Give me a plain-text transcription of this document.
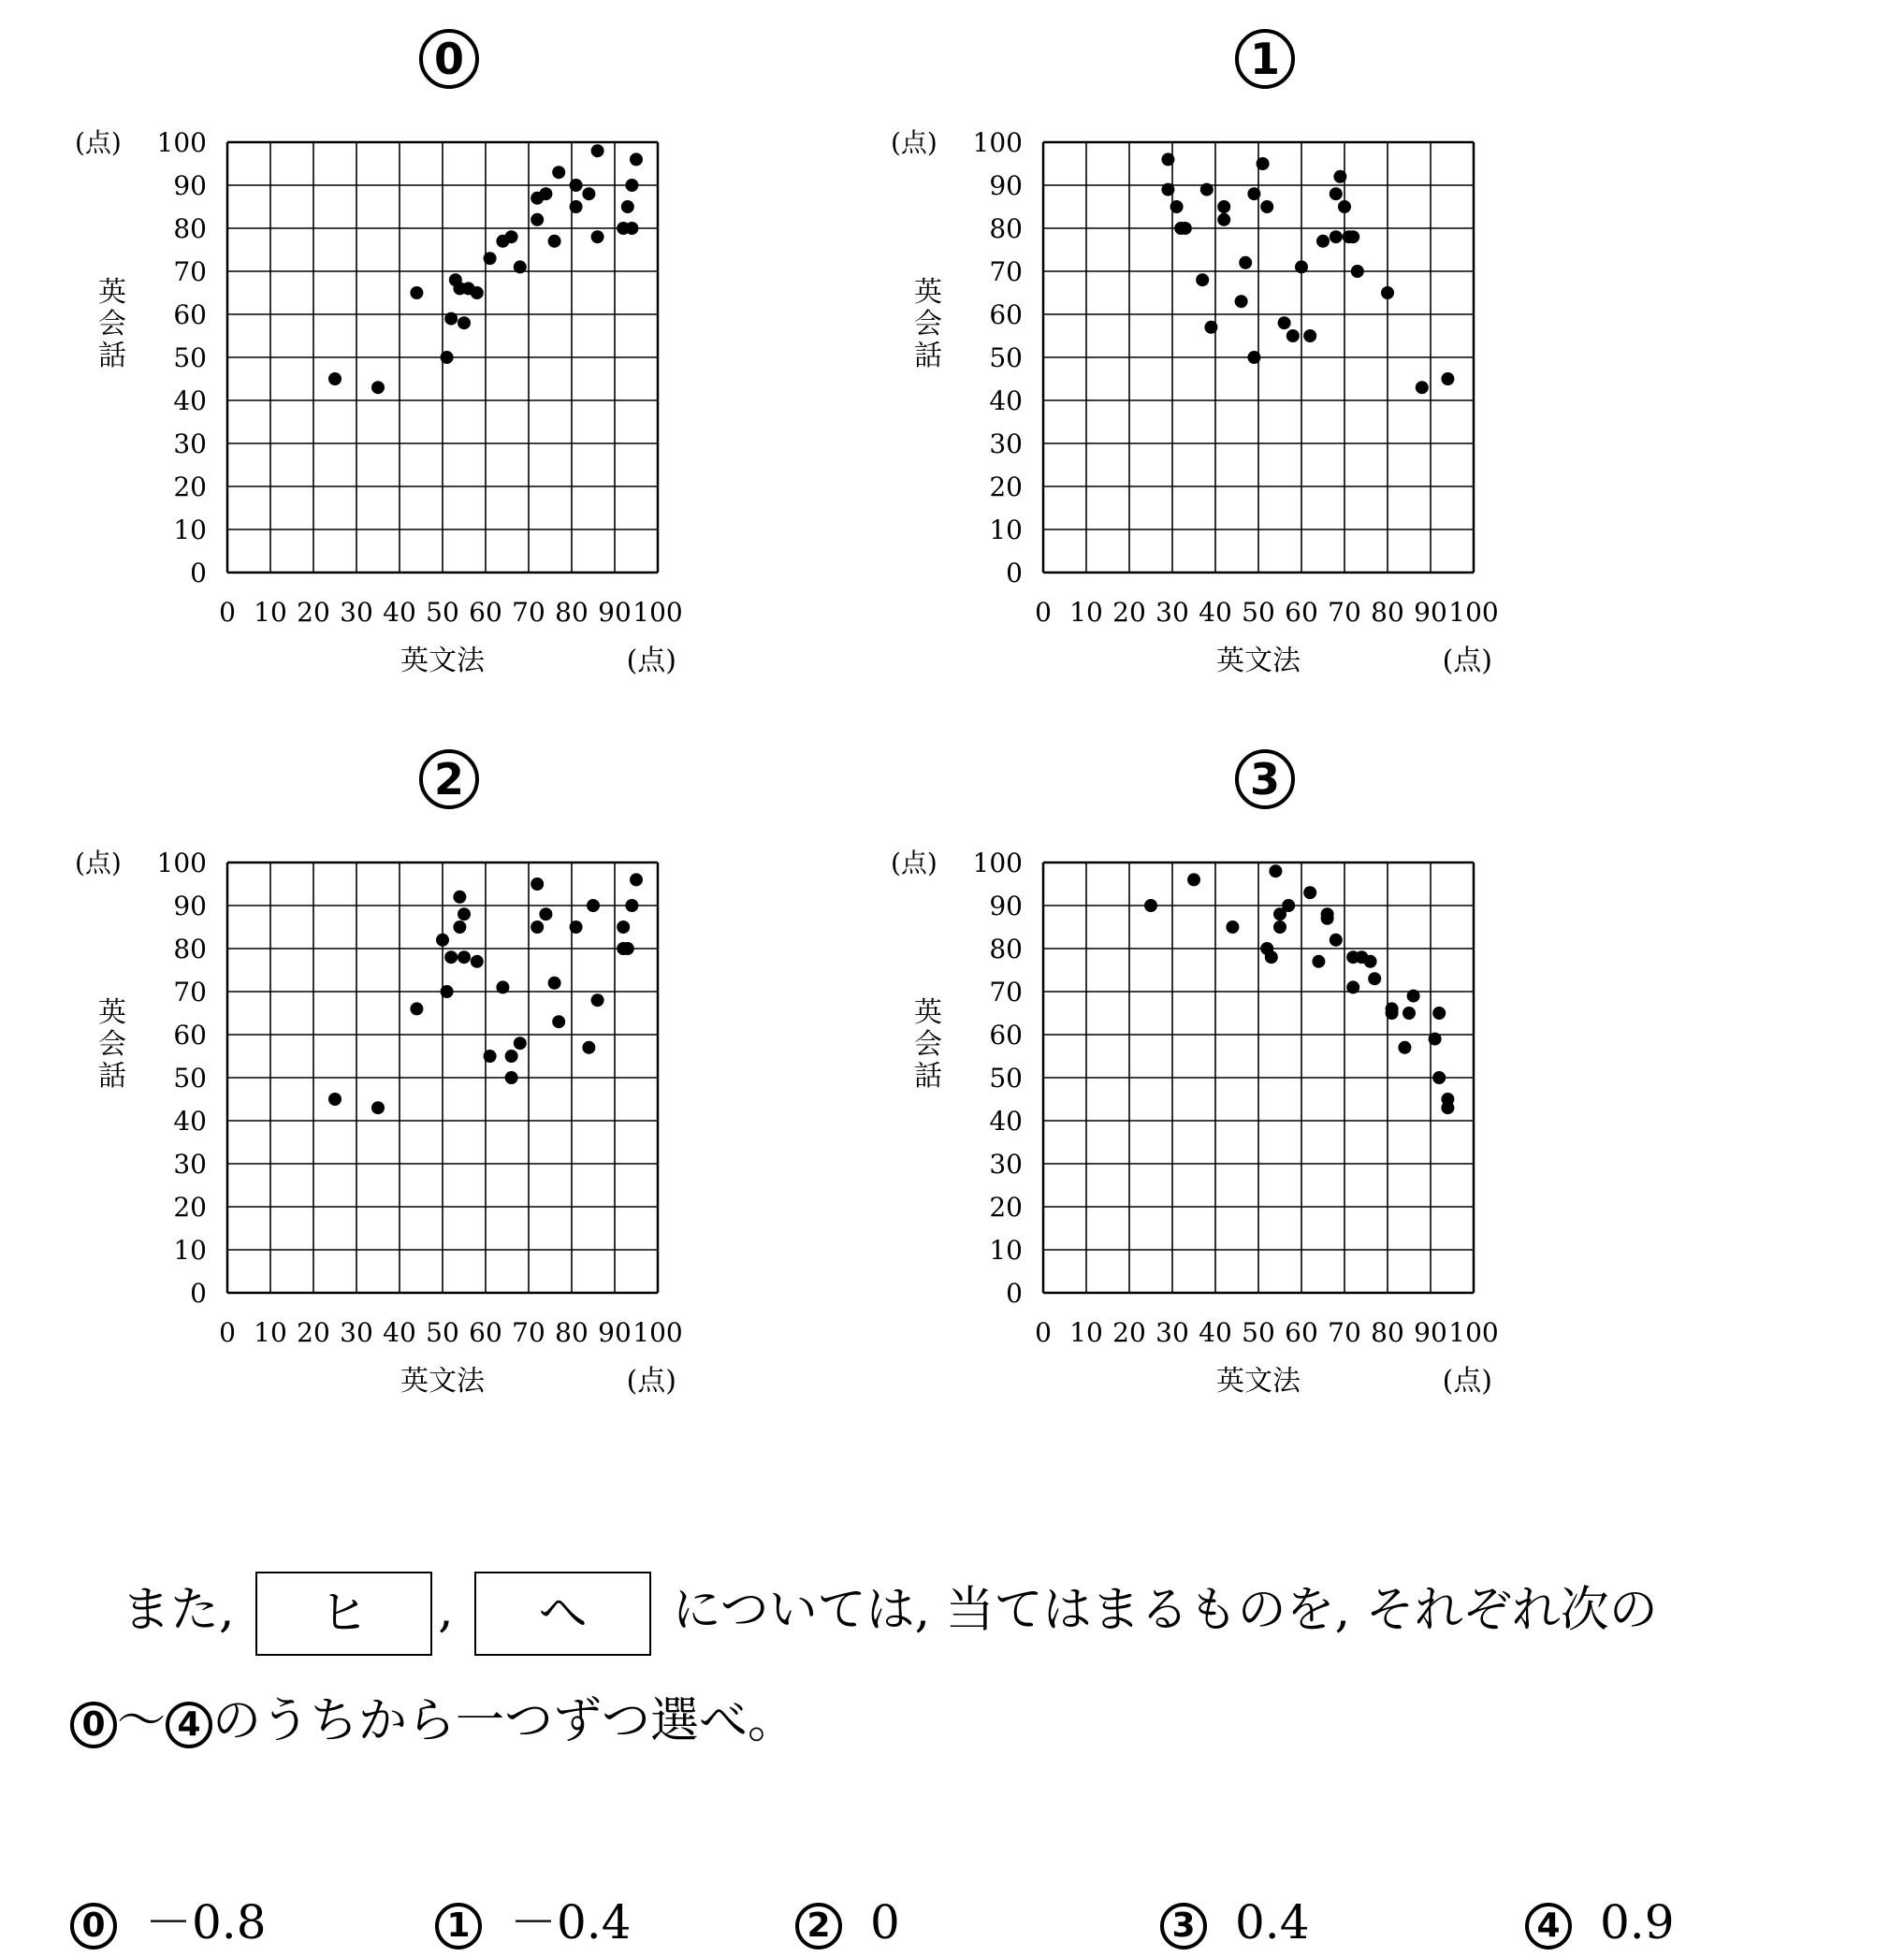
0
0
0
10
10
20
20
30
30
40
40
50
50
60
60
70
70
80
80
90
90
100
100
(点)
(点)
英文法
英会話
1
0
0
10
10
20
20
30
30
40
40
50
50
60
60
70
70
80
80
90
90
100
100
(点)
(点)
英文法
英会話
2
0
0
10
10
20
20
30
30
40
40
50
50
60
60
70
70
80
80
90
90
100
100
(点)
(点)
英文法
英会話
3
0
0
10
10
20
20
30
30
40
40
50
50
60
60
70
70
80
80
90
90
100
100
(点)
(点)
英文法
英会話
また, ヒ , へ については, 当てはまるものを, それぞれ次の
0 ～ 4 のうちから一つずつ選べ。
0 －0.8	1 －0.4	2 0	3 0.4	4 0.9
